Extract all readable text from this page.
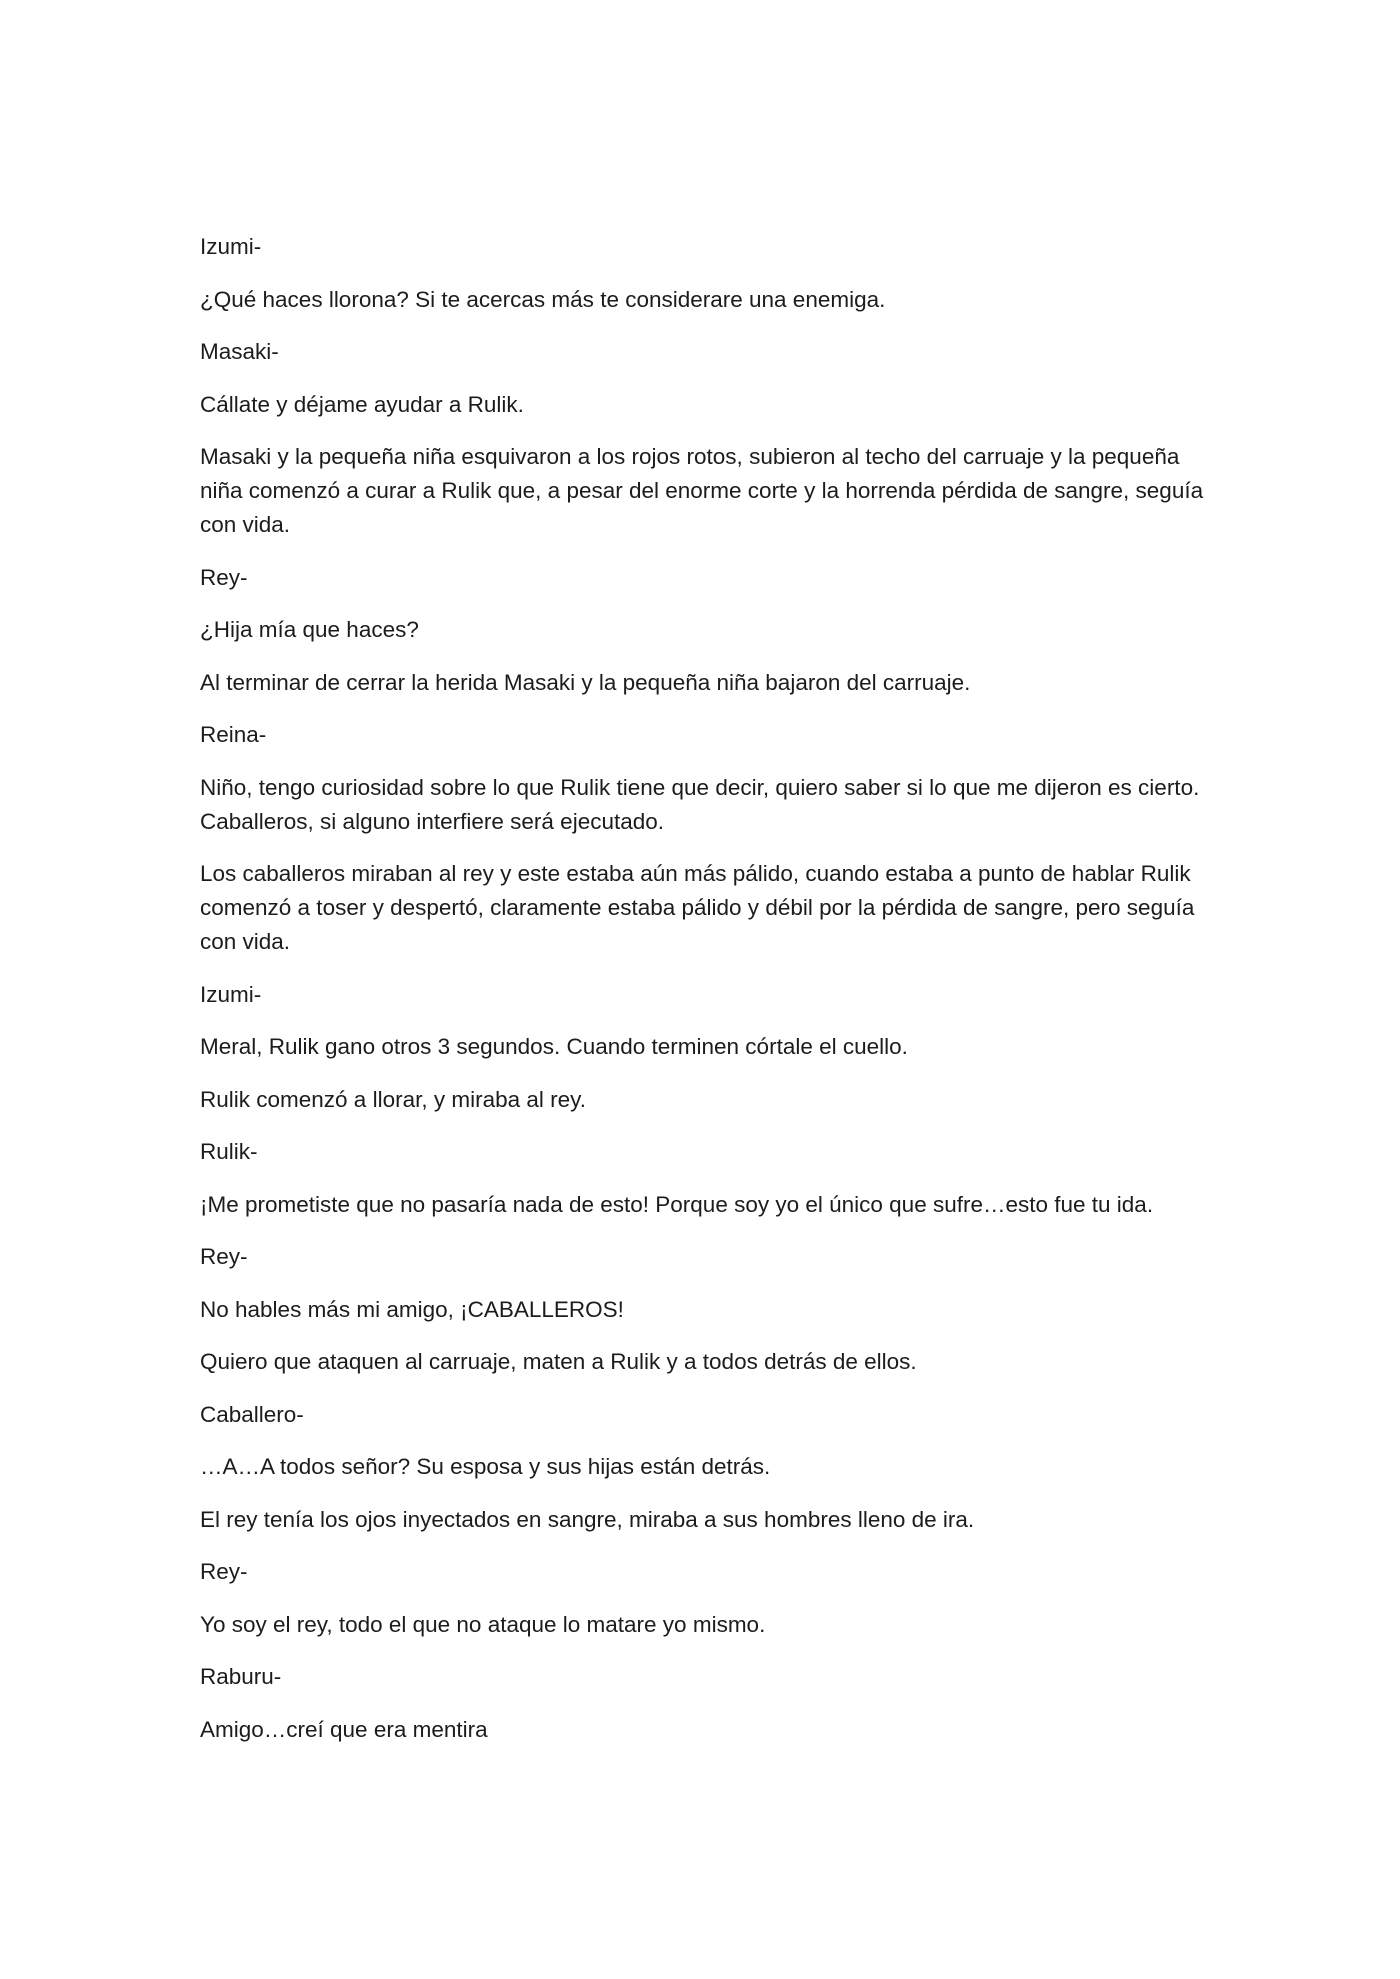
Izumi-

¿Qué haces llorona? Si te acercas más te considerare una enemiga.

Masaki-

Cállate y déjame ayudar a Rulik.

Masaki y la pequeña niña esquivaron a los rojos rotos, subieron al techo del carruaje y la pequeña niña comenzó a curar a Rulik que, a pesar del enorme corte y la horrenda pérdida de sangre, seguía con vida.

Rey-

¿Hija mía que haces?

Al terminar de cerrar la herida Masaki y la pequeña niña bajaron del carruaje.

Reina-

Niño, tengo curiosidad sobre lo que Rulik tiene que decir, quiero saber si lo que me dijeron es cierto. Caballeros, si alguno interfiere será ejecutado.

Los caballeros miraban al rey y este estaba aún más pálido, cuando estaba a punto de hablar Rulik comenzó a toser y despertó, claramente estaba pálido y débil por la pérdida de sangre, pero seguía con vida.

Izumi-

Meral, Rulik gano otros 3 segundos. Cuando terminen córtale el cuello.

Rulik comenzó a llorar, y miraba al rey.

Rulik-

¡Me prometiste que no pasaría nada de esto! Porque soy yo el único que sufre…esto fue tu ida.

Rey-

No hables más mi amigo, ¡CABALLEROS!

Quiero que ataquen al carruaje, maten a Rulik y a todos detrás de ellos.

Caballero-

…A…A todos señor? Su esposa y sus hijas están detrás.

El rey tenía los ojos inyectados en sangre, miraba a sus hombres lleno de ira.

Rey-

Yo soy el rey, todo el que no ataque lo matare yo mismo.

Raburu-

Amigo…creí que era mentira
